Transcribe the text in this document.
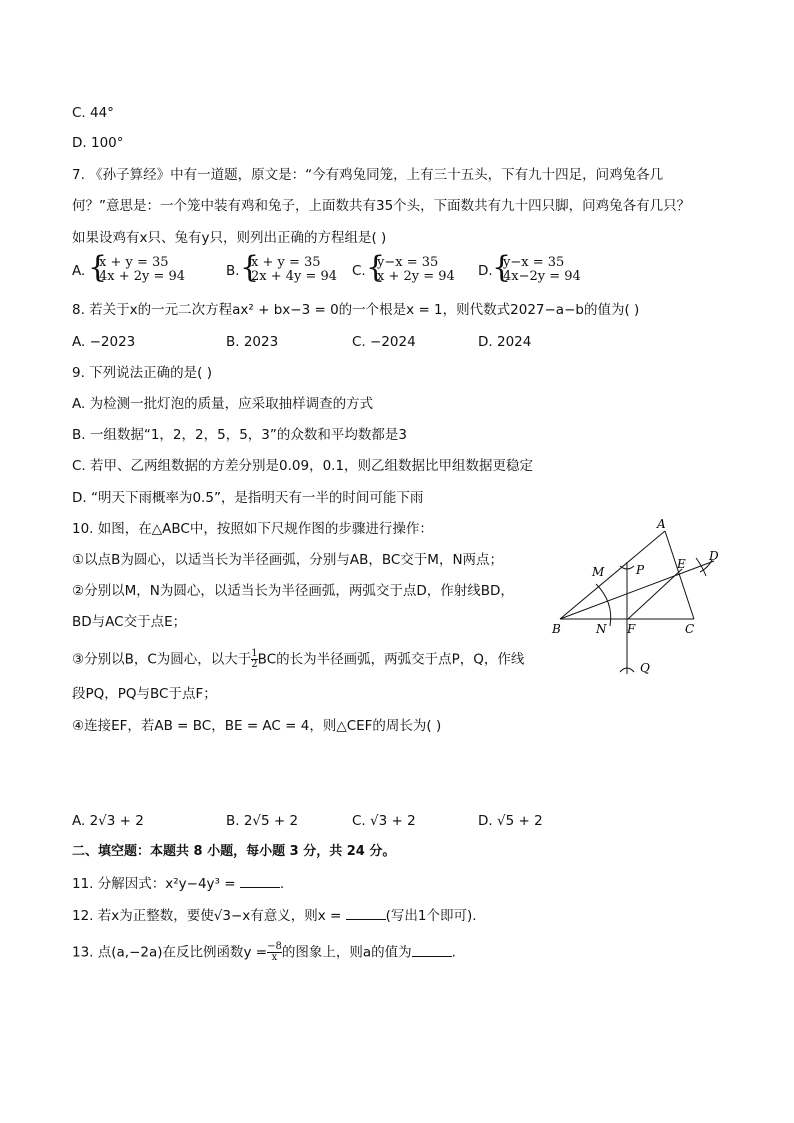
C. 44°
D. 100°
7. 《孙子算经》中有一道题，原文是：“今有鸡兔同笼，上有三十五头，下有九十四足，问鸡兔各几
何？”意思是：一个笼中装有鸡和兔子，上面数共有35个头，下面数共有九十四只脚，问鸡兔各有几只？
如果设鸡有x只、兔有y只，则列出正确的方程组是( )
A. {
x + y = 35
4x + 2y = 94	B. {
x + y = 35
2x + 4y = 94 C. {
y−x = 35
x + 2y = 94 D. {
y−x = 35
4x−2y = 94
8. 若关于x的一元二次方程ax² + bx−3 = 0的一个根是x = 1，则代数式2027−a−b的值为( )
A. −2023	B. 2023	C. −2024	D. 2024
9. 下列说法正确的是( )
A. 为检测一批灯泡的质量，应采取抽样调查的方式
B. 一组数据“1，2，2，5，5，3”的众数和平均数都是3
C. 若甲、乙两组数据的方差分别是0.09，0.1，则乙组数据比甲组数据更稳定
D. “明天下雨概率为0.5”，是指明天有一半的时间可能下雨
10. 如图，在△ABC中，按照如下尺规作图的步骤进行操作：
①以点B为圆心，以适当长为半径画弧，分别与AB，BC交于M，N两点；
②分别以M，N为圆心，以适当长为半径画弧，两弧交于点D，作射线BD，
BD与AC交于点E；
③分别以B，C为圆心，以大于 $\frac{1}{2}$ BC的长为半径画弧，两弧交于点P，Q，作线
段PQ，PQ与BC于点F；
④连接EF，若AB = BC，BE = AC = 4，则△CEF的周长为( )
A
B	C
D
E
F
M
N
P
Q
A. 2√3 + 2	B. 2√5 + 2	C. √3 + 2	D. √5 + 2
二、填空题：本题共 8 小题，每小题 3 分，共 24 分。
11. 分解因式：x²y−4y³ =	.
12. 若x为正整数，要使√3−x有意义，则x =	(写出1个即可).
13. 点(a,−2a)在反比例函数$y = \frac{-8}{x}$ 的图象上，则a的值为	.
